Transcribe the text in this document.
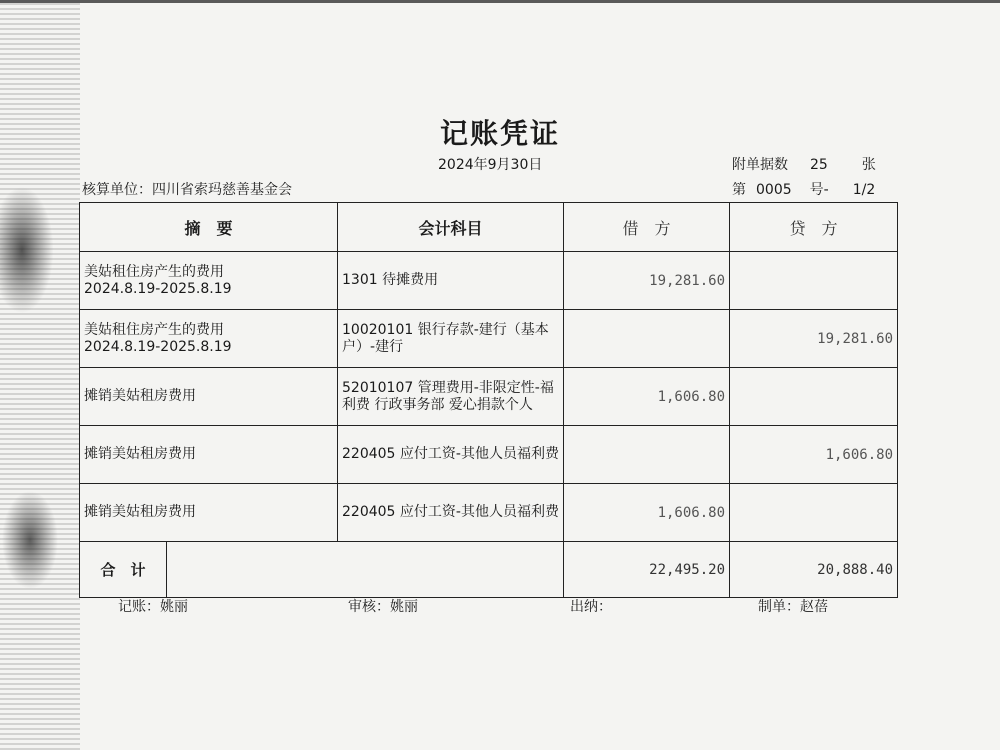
记账凭证
2024年9月30日	附单据数 25 张
核算单位：四川省索玛慈善基金会	第 0005 号- 1/2
摘　要		会计科目	借　方	贷　方
美姑租住房产生的费用
2024.8.19-2025.8.19		1301 待摊费用	19,281.60	
美姑租住房产生的费用
2024.8.19-2025.8.19		10020101 银行存款-建行（基本户）-建行		19,281.60
摊销美姑租房费用		52010107 管理费用-非限定性-福利费 行政事务部 爱心捐款个人	1,606.80	
摊销美姑租房费用		220405 应付工资-其他人员福利费		1,606.80
摊销美姑租房费用		220405 应付工资-其他人员福利费	1,606.80	
合　计			22,495.20	20,888.40
记账：姚丽	审核：姚丽	出纳：	制单：赵蓓
